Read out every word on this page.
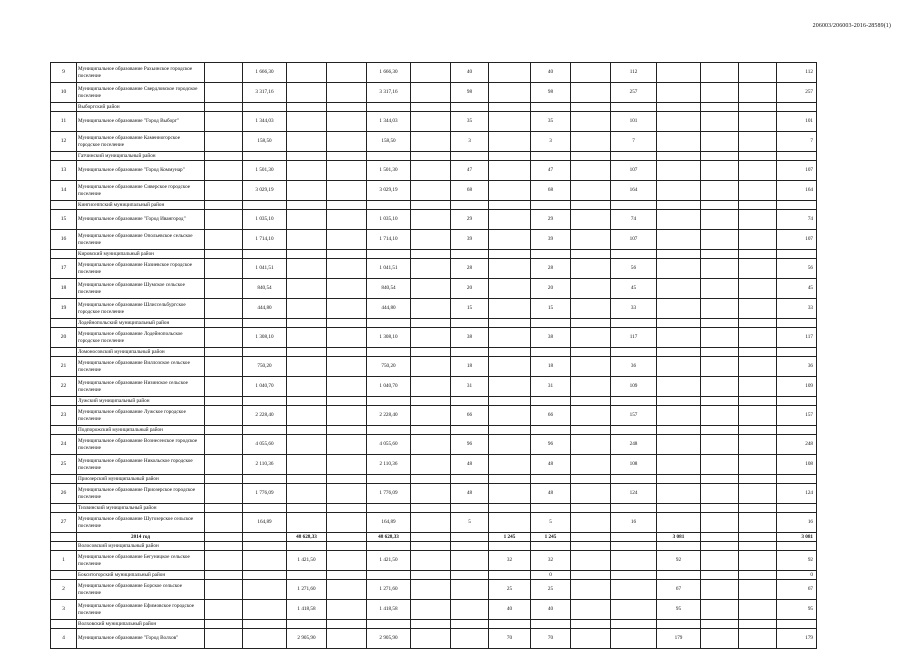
206003/206003-2016-28589(1)
9	Муниципальное образование Рахьинское городское поселение		1 666,30			1 666,30		40		40		112				112
10	Муниципальное образование Свердловское городское поселение		3 317,16			3 317,16		98		98		257				257
	Выборгский район															
11	Муниципальное образование "Город Выборг"		1 344,03			1 344,03		35		35		101				101
12	Муниципальное образование Каменногорское городское поселение		158,50			158,50		3		3		7				7
	Гатчинский муниципальный район															
13	Муниципальное образование "Город Коммунар"		1 501,30			1 501,30		47		47		107				107
14	Муниципальное образование Сиверское городское поселение		3 029,19			3 029,19		68		68		164				164
	Кингисеппский муниципальный район															
15	Муниципальное образование "Город Ивангород"		1 035,10			1 035,10		29		29		74				74
16	Муниципальное образование Опольевское сельское поселение		1 714,10			1 714,10		39		39		107				107
	Кировский муниципальный район															
17	Муниципальное образование Назиевское городское поселение		1 041,51			1 041,51		28		28		56				56
18	Муниципальное образование Шумское сельское поселение		840,54			840,54		20		20		45				45
19	Муниципальное образование Шлиссельбургское городское поселение		444,80			444,80		15		15		33				33
	Лодейнопольский муниципальный район															
20	Муниципальное образование Лодейнопольское городское поселение		1 308,10			1 308,10		38		38		117				117
	Ломоносовский муниципальный район															
21	Муниципальное образование Виллозское сельское поселение		750,20			750,20		18		18		36				36
22	Муниципальное образование Низинское сельское поселение		1 040,70			1 040,70		31		31		109				109
	Лужский муниципальный район															
23	Муниципальное образование Лужское городское поселение		2 228,40			2 228,40		66		66		157				157
	Подпорожский муниципальный район															
24	Муниципальное образование Вознесенское городское поселение		4 055,60			4 055,60		96		96		248				248
25	Муниципальное образование Никольское городское поселение		2 110,36			2 110,36		48		48		108				108
	Приозерский муниципальный район															
26	Муниципальное образование Приозерское городское поселение		1 776,09			1 776,09		48		48		124				124
	Тихвинский муниципальный район															
27	Муниципальное образование Шугозерское сельское поселение		164,89			164,89		5		5		16				16
	2014 год			48 628,33		48 628,33			1 245	1 245			3 081			3 081
	Волосовский муниципальный район															
1	Муниципальное образование Бегуницкое сельское поселение			1 421,50		1 421,50			32	32			92			92
	Бокситогорский муниципальный район									0						0
2	Муниципальное образование Борское сельское поселение			1 271,60		1 271,60			25	25			67			67
3	Муниципальное образование Ефимовское городское поселение			1 418,58		1 418,58			40	40			95			95
	Волховский муниципальный район															
4	Муниципальное образование "Город Волхов"			2 905,90		2 905,90			70	70			179			179
